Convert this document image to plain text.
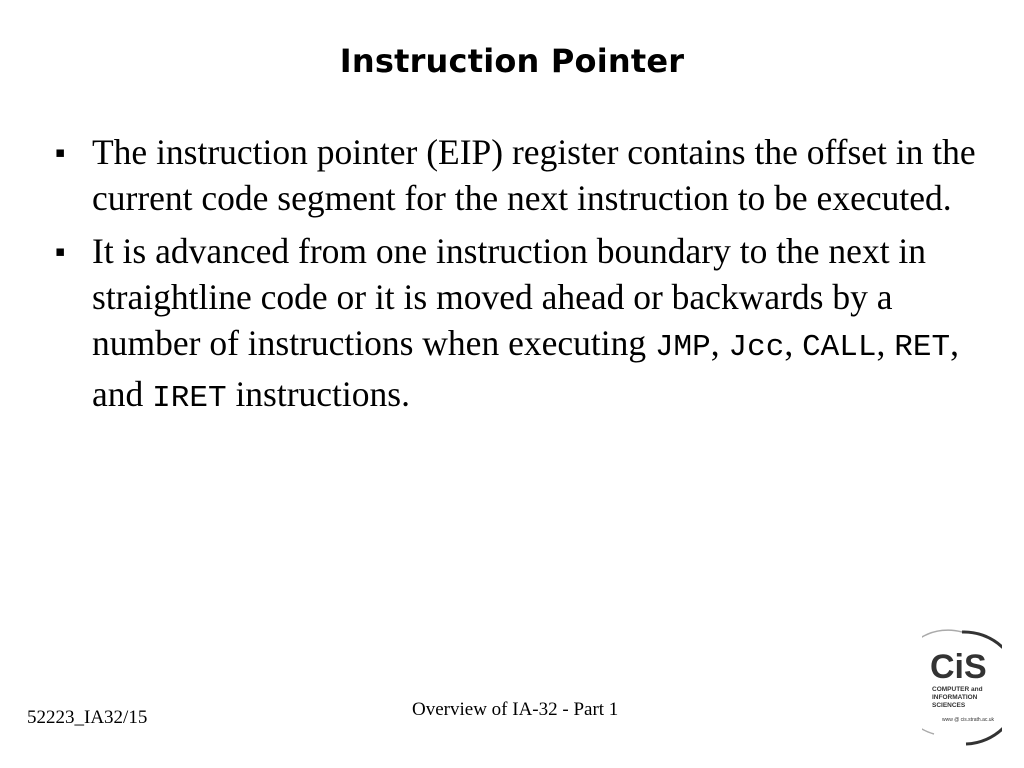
Instruction Pointer
▪ The instruction pointer (EIP) register contains the offset in the current code segment for the next instruction to be executed.
▪ It is advanced from one instruction boundary to the next in straightline code or it is moved ahead or backwards by a number of instructions when executing JMP, Jcc, CALL, RET, and IRET instructions.
52223_IA32/15	Overview of IA-32 - Part 1
CiS
COMPUTER and
INFORMATION
SCIENCES
www @ cis.strath.ac.uk
